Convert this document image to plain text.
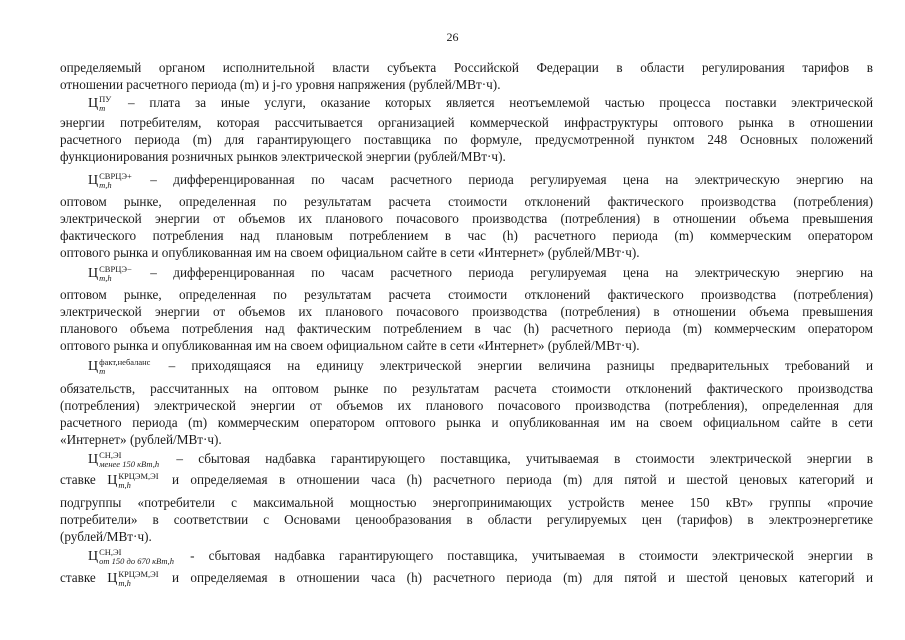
26
определяемый органом исполнительной власти субъекта Российской Федерации в области регулирования тарифов в
отношении расчетного периода (m) и j-го уровня напряжения (рублей/МВт·ч).
Ц ПУ
m	– плата за иные услуги, оказание которых является неотъемлемой частью процесса поставки электрической
энергии потребителям, которая рассчитывается организацией коммерческой инфраструктуры оптового рынка в отношении
расчетного периода (m) для гарантирующего поставщика по формуле, предусмотренной пунктом 248 Основных положений
функционирования розничных рынков электрической энергии (рублей/МВт·ч).
Ц СВРЦЭ+
m,h	– дифференцированная по часам расчетного периода регулируемая цена на электрическую энергию на
оптовом рынке, определенная по результатам расчета стоимости отклонений фактического производства (потребления)
электрической энергии от объемов их планового почасового производства (потребления) в отношении объема превышения
фактического потребления над плановым потреблением в час (h) расчетного периода (m) коммерческим оператором
оптового рынка и опубликованная им на своем официальном сайте в сети «Интернет» (рублей/МВт·ч).
Ц СВРЦЭ−
m,h	– дифференцированная по часам расчетного периода регулируемая цена на электрическую энергию на
оптовом рынке, определенная по результатам расчета стоимости отклонений фактического производства (потребления)
электрической энергии от объемов их планового почасового производства (потребления) в отношении объема превышения
планового объема потребления над фактическим потреблением в час (h) расчетного периода (m) коммерческим оператором
оптового рынка и опубликованная им на своем официальном сайте в сети «Интернет» (рублей/МВт·ч).
Ц факт,небаланс
m	– приходящаяся на единицу электрической энергии величина разницы предварительных требований и
обязательств, рассчитанных на оптовом рынке по результатам расчета стоимости отклонений фактического производства
(потребления) электрической энергии от объемов их планового почасового производства (потребления), определенная для
расчетного периода (m) коммерческим оператором оптового рынка и опубликованная им на своем официальном сайте в сети
«Интернет» (рублей/МВт·ч).
Ц СН,ЭI
менее 150 кВт,h – сбытовая надбавка гарантирующего поставщика, учитываемая в стоимости электрической энергии в
ставке Ц КРЦЭМ,ЭI
m,h	и определяемая в отношении часа (h) расчетного периода (m) для пятой и шестой ценовых категорий и
подгруппы «потребители с максимальной мощностью энергопринимающих устройств менее 150 кВт» группы «прочие
потребители» в соответствии с Основами ценообразования в области регулируемых цен (тарифов) в электроэнергетике
(рублей/МВт·ч).
Ц СН,ЭI
от 150 до 670 кВт,h - сбытовая надбавка гарантирующего поставщика, учитываемая в стоимости электрической энергии в
ставке Ц КРЦЭМ,ЭI
m,h	и определяемая в отношении часа (h) расчетного периода (m) для пятой и шестой ценовых категорий и
